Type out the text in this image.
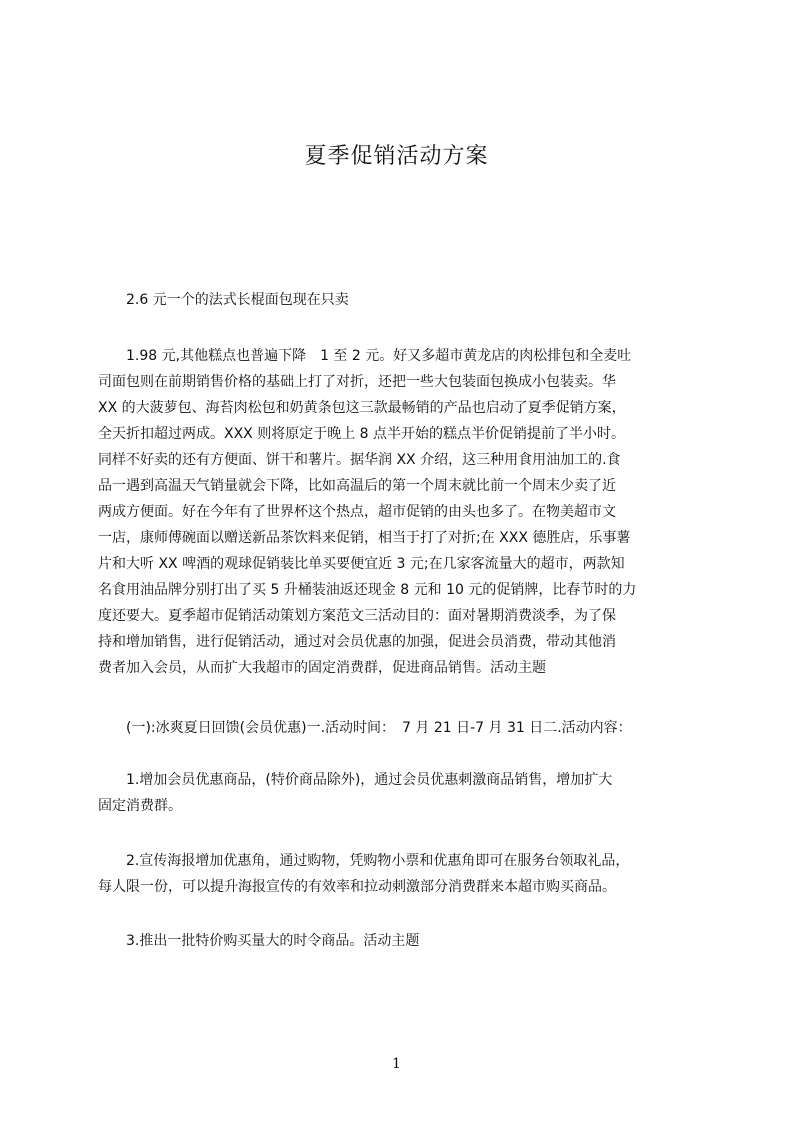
夏季促销活动方案
　　2.6 元一个的法式长棍面包现在只卖
　　1.98 元,其他糕点也普遍下降　1 至 2 元。好又多超市黄龙店的肉松排包和全麦吐
司面包则在前期销售价格的基础上打了对折，还把一些大包装面包换成小包装卖。华
XX 的大菠萝包、海苔肉松包和奶黄条包这三款最畅销的产品也启动了夏季促销方案，
全天折扣超过两成。XXX 则将原定于晚上 8 点半开始的糕点半价促销提前了半小时。
同样不好卖的还有方便面、饼干和薯片。据华润 XX 介绍，这三种用食用油加工的.食
品一遇到高温天气销量就会下降，比如高温后的第一个周末就比前一个周末少卖了近
两成方便面。好在今年有了世界杯这个热点，超市促销的由头也多了。在物美超市文
一店，康师傅碗面以赠送新品茶饮料来促销，相当于打了对折;在 XXX 德胜店，乐事薯
片和大听 XX 啤酒的观球促销装比单买要便宜近 3 元;在几家客流量大的超市，两款知
名食用油品牌分别打出了买 5 升桶装油返还现金 8 元和 10 元的促销牌，比春节时的力
度还要大。夏季超市促销活动策划方案范文三活动目的：面对暑期消费淡季，为了保
持和增加销售，进行促销活动，通过对会员优惠的加强，促进会员消费，带动其他消
费者加入会员，从而扩大我超市的固定消费群，促进商品销售。活动主题
　　(一):冰爽夏日回馈(会员优惠)一.活动时间：　7 月 21 日-7 月 31 日二.活动内容：
　　1.增加会员优惠商品，(特价商品除外)，通过会员优惠刺激商品销售，增加扩大
固定消费群。
　　2.宣传海报增加优惠角，通过购物，凭购物小票和优惠角即可在服务台领取礼品，
每人限一份，可以提升海报宣传的有效率和拉动刺激部分消费群来本超市购买商品。
　　3.推出一批特价购买量大的时令商品。活动主题
1
